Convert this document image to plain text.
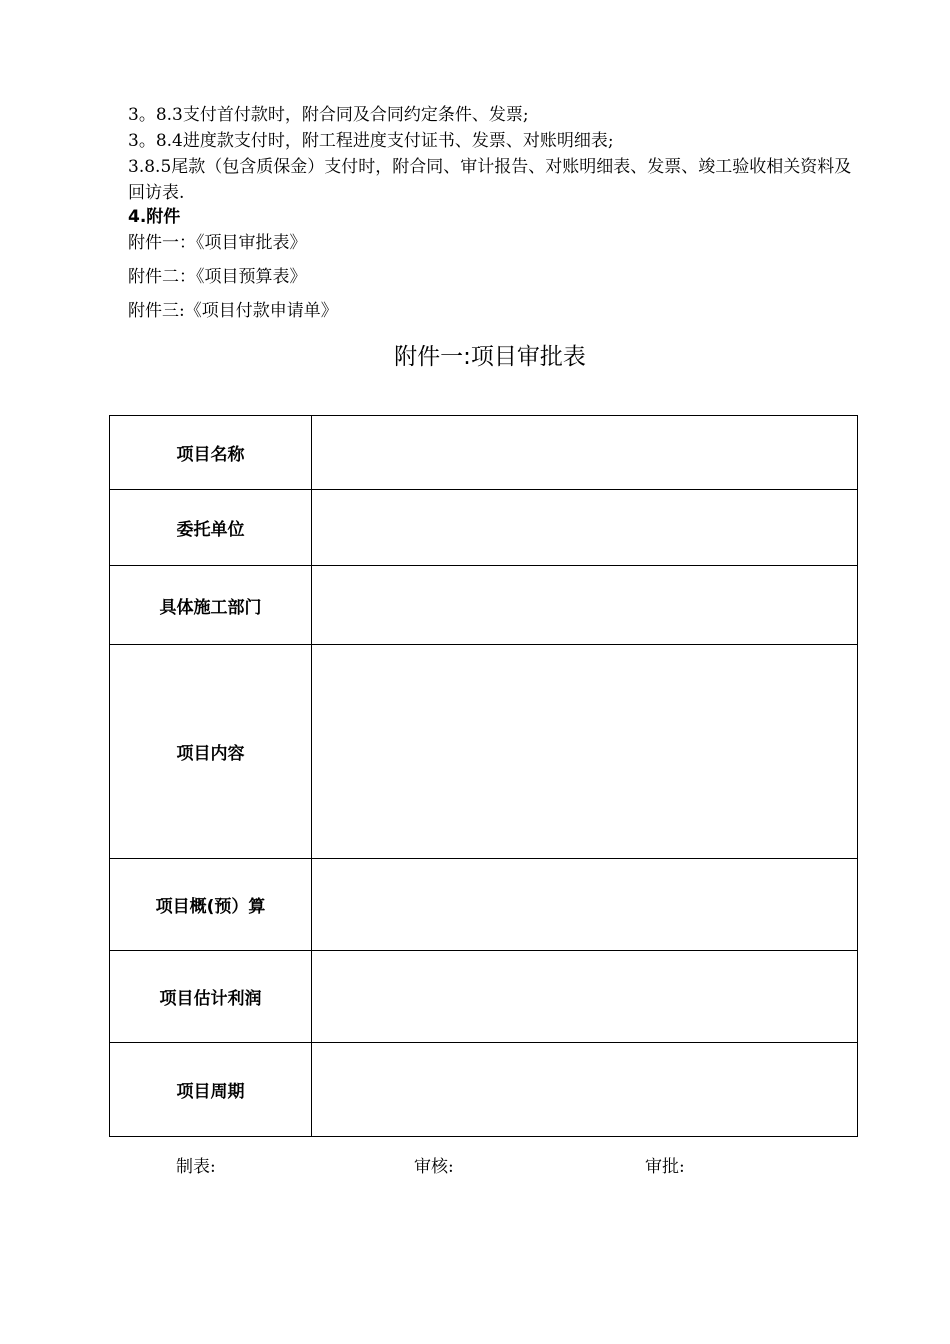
3。8.3支付首付款时，附合同及合同约定条件、发票;
3。8.4进度款支付时，附工程进度支付证书、发票、对账明细表;
3.8.5尾款（包含质保金）支付时，附合同、审计报告、对账明细表、发票、竣工验收相关资料及回访表.
4.附件
附件一：《项目审批表》
附件二：《项目预算表》
附件三:《项目付款申请单》
附件一:项目审批表
项目名称	
委托单位	
具体施工部门	
项目内容	
项目概(预）算	
项目估计利润	
项目周期	
制表:	审核:	审批:
